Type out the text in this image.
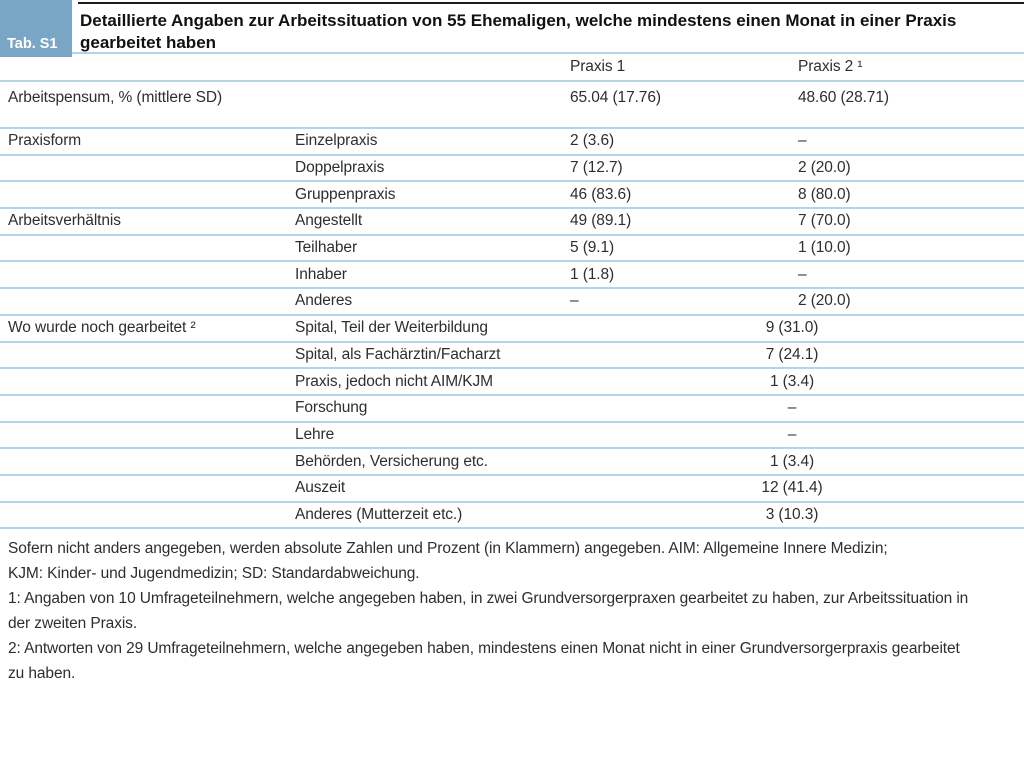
Tab. S1
Detaillierte Angaben zur Arbeitssituation von 55 Ehemaligen, welche mindestens einen Monat in einer Praxis
gearbeitet haben
Praxis 1	Praxis 2 ¹
Arbeitspensum, % (mittlere SD)	65.04 (17.76)	48.60 (28.71)
Praxisform	Einzelpraxis	2 (3.6)	–
Doppelpraxis	7 (12.7)	2 (20.0)
Gruppenpraxis	46 (83.6)	8 (80.0)
Arbeitsverhältnis	Angestellt	49 (89.1)	7 (70.0)
Teilhaber	5 (9.1)	1 (10.0)
Inhaber	1 (1.8)	–
Anderes	–	2 (20.0)
Wo wurde noch gearbeitet ²	Spital, Teil der Weiterbildung	9 (31.0)
Spital, als Fachärztin/Facharzt	7 (24.1)
Praxis, jedoch nicht AIM/KJM	1 (3.4)
Forschung	–
Lehre	–
Behörden, Versicherung etc.	1 (3.4)
Auszeit	12 (41.4)
Anderes (Mutterzeit etc.)	3 (10.3)
Sofern nicht anders angegeben, werden absolute Zahlen und Prozent (in Klammern) angegeben. AIM: Allgemeine Innere Medizin;
KJM: Kinder- und Jugendmedizin; SD: Standardabweichung.
1: Angaben von 10 Umfrageteilnehmern, welche angegeben haben, in zwei Grundversorgerpraxen gearbeitet zu haben, zur Arbeitssituation in
der zweiten Praxis.
2: Antworten von 29 Umfrageteilnehmern, welche angegeben haben, mindestens einen Monat nicht in einer Grundversorgerpraxis gearbeitet
zu haben.
